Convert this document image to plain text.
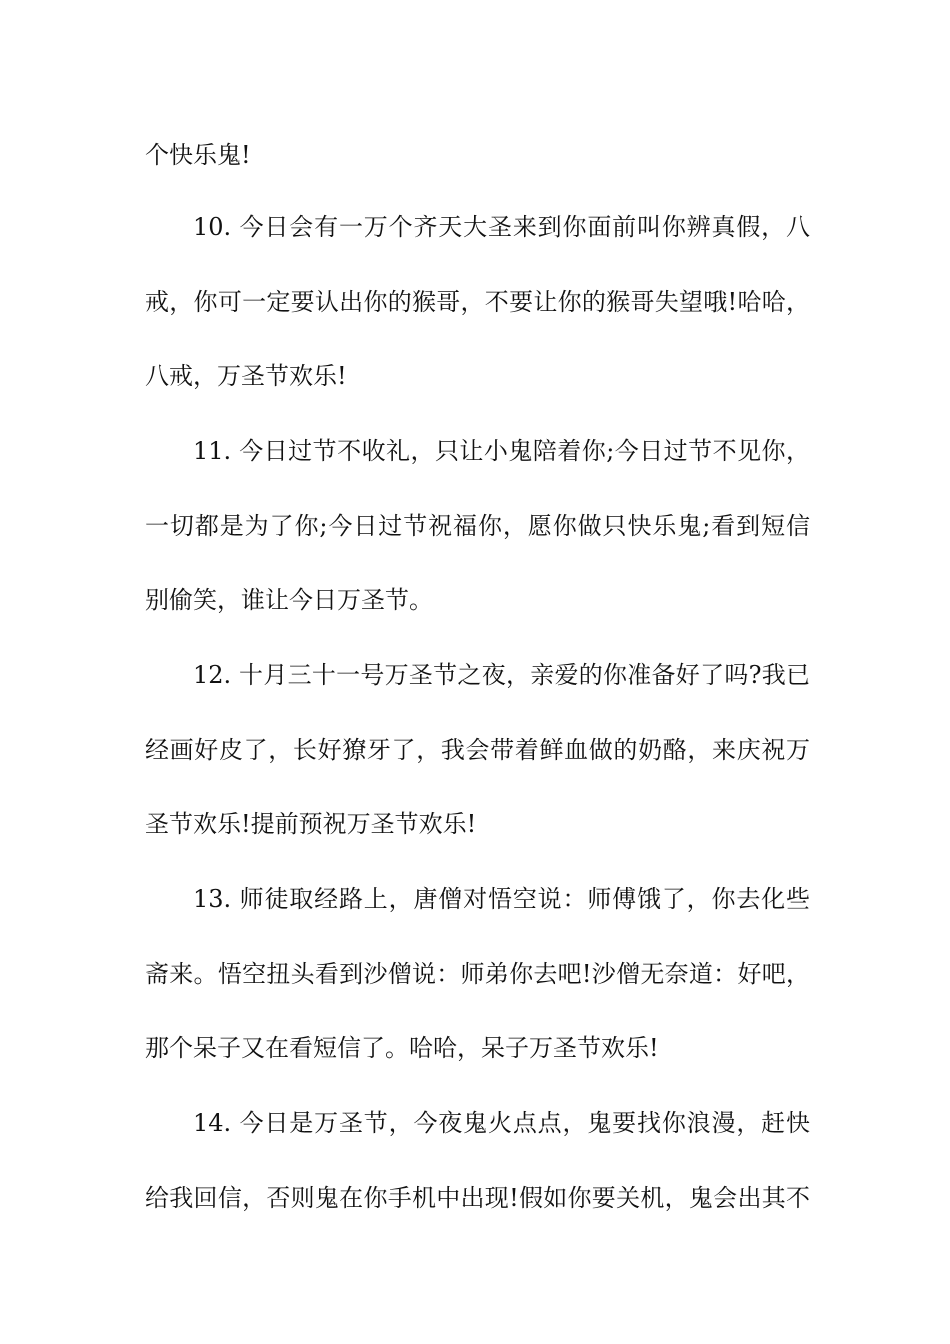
个快乐鬼!
10. 今日会有一万个齐天大圣来到你面前叫你辨真假，八
戒，你可一定要认出你的猴哥，不要让你的猴哥失望哦!哈哈，
八戒，万圣节欢乐!
11. 今日过节不收礼，只让小鬼陪着你;今日过节不见你，
一切都是为了你;今日过节祝福你，愿你做只快乐鬼;看到短信
别偷笑，谁让今日万圣节。
12. 十月三十一号万圣节之夜，亲爱的你准备好了吗?我已
经画好皮了，长好獠牙了，我会带着鲜血做的奶酪，来庆祝万
圣节欢乐!提前预祝万圣节欢乐!
13. 师徒取经路上，唐僧对悟空说：师傅饿了，你去化些
斋来。悟空扭头看到沙僧说：师弟你去吧!沙僧无奈道：好吧，
那个呆子又在看短信了。哈哈，呆子万圣节欢乐!
14. 今日是万圣节，今夜鬼火点点，鬼要找你浪漫，赶快
给我回信，否则鬼在你手机中出现!假如你要关机，鬼会出其不
